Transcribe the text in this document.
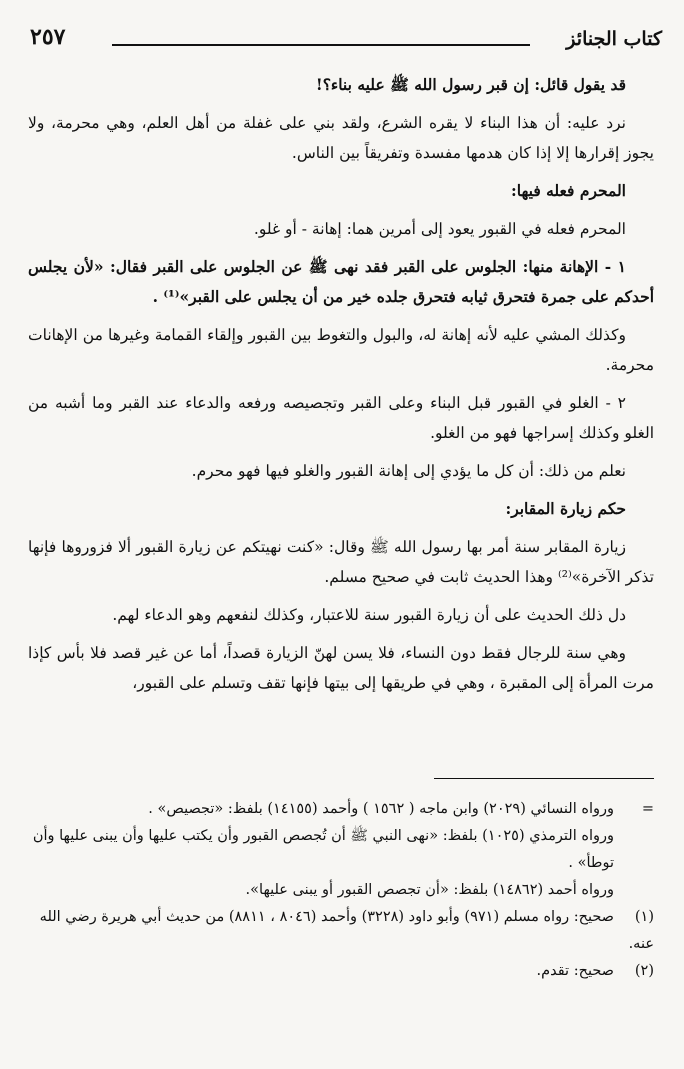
كتاب الجنائز
٢٥٧

قد يقول قائل: إن قبر رسول الله ﷺ عليه بناء؟!

نرد عليه: أن هذا البناء لا يقره الشرع، ولقد بني على غفلة من أهل العلم، وهي محرمة، ولا يجوز إقرارها إلا إذا كان هدمها مفسدة وتفريقاً بين الناس.

المحرم فعله فيها:

المحرم فعله في القبور يعود إلى أمرين هما: إهانة - أو غلو.

١ - الإهانة منها: الجلوس على القبر فقد نهى ﷺ عن الجلوس على القبر فقال: «لأن يجلس أحدكم على جمرة فتحرق ثيابه فتحرق جلده خير من أن يجلس على القبر»⁽¹⁾ .

وكذلك المشي عليه لأنه إهانة له، والبول والتغوط بين القبور وإلقاء القمامة وغيرها من الإهانات محرمة.

٢ - الغلو في القبور قبل البناء وعلى القبر وتجصيصه ورفعه والدعاء عند القبر وما أشبه من الغلو وكذلك إسراجها فهو من الغلو.

نعلم من ذلك: أن كل ما يؤدي إلى إهانة القبور والغلو فيها فهو محرم.

حكم زيارة المقابر:

زيارة المقابر سنة أمر بها رسول الله ﷺ وقال: «كنت نهيتكم عن زيارة القبور ألا فزوروها فإنها تذكر الآخرة»⁽²⁾ وهذا الحديث ثابت في صحيح مسلم.

دل ذلك الحديث على أن زيارة القبور سنة للاعتبار، وكذلك لنفعهم وهو الدعاء لهم.

وهي سنة للرجال فقط دون النساء، فلا يسن لهنّ الزيارة قصداً، أما عن غير قصد فلا بأس كإذا مرت المرأة إلى المقبرة ، وهي في طريقها إلى بيتها فإنها تقف وتسلم على القبور،

=ورواه النسائي (٢٠٢٩) وابن ماجه ( ١٥٦٢ ) وأحمد (١٤١٥٥) بلفظ: «تجصيص» .

ورواه الترمذي (١٠٢٥) بلفظ: «نهى النبي ﷺ أن تُجصص القبور وأن يكتب عليها وأن يبنى عليها وأن توطأ» .

ورواه أحمد (١٤٨٦٢) بلفظ: «أن تجصص القبور أو يبنى عليها».

(١)صحيح: رواه مسلم (٩٧١) وأبو داود (٣٢٢٨) وأحمد (٨٠٤٦ ، ٨٨١١) من حديث أبي هريرة رضي الله عنه.

(٢)صحيح: تقدم.
